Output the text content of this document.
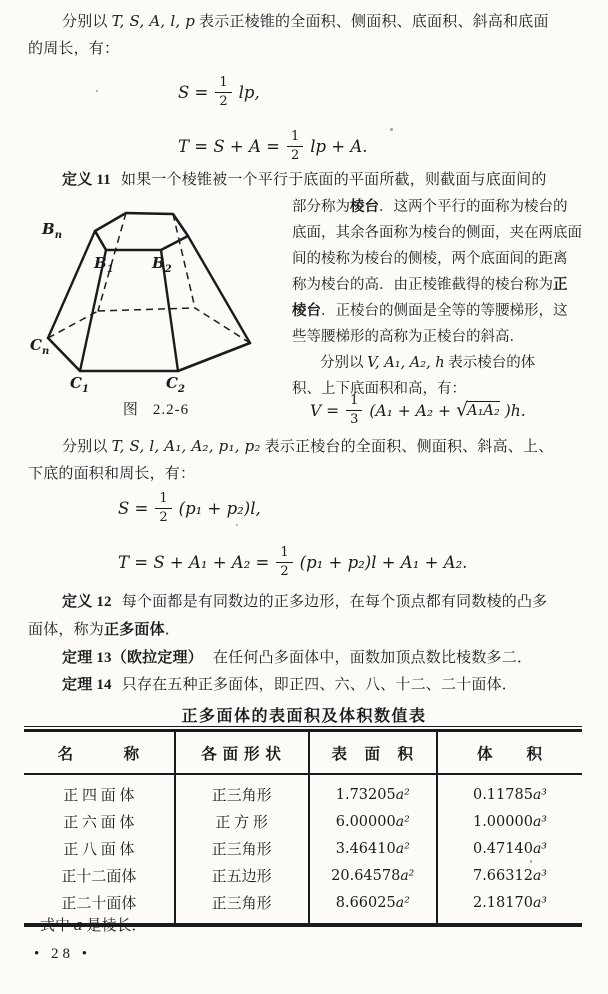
分别以 T, S, A, l, p 表示正棱锥的全面积、侧面积、底面积、斜高和底面
的周长，有：
$S = \frac{1}{2}$ lp,
$T = S + A = \frac{1}{2}$ lp + A.
定义 11 如果一个棱锥被一个平行于底面的平面所截，则截面与底面间的
$B_n$
$B_1$	$B_2$
$C_n$
$C_1$	$C_2$
图 2.2-6
部分称为棱台．这两个平行的面称为棱台的
底面，其余各面称为棱台的侧面，夹在两底面
间的棱称为棱台的侧棱，两个底面间的距离
称为棱台的高．由正棱锥截得的棱台称为正
棱台．正棱台的侧面是全等的等腰梯形，这
些等腰梯形的高称为正棱台的斜高．
分别以 V, A₁, A₂, h 表示棱台的体
积、上下底面积和高，有：
$V = \frac{1}{3} (A_1 + A_2$ + √ A₁A₂ )h.
分别以 T, S, l, A₁, A₂, p₁, p₂ 表示正棱台的全面积、侧面积、斜高、上、
下底的面积和周长，有：
$S = \frac{1}{2} (p_1 + p_2)l$,
$T = S + A_1 + A_2 = \frac{1}{2} (p_1 + p_2)l + A_1 + A_2$.
定义 12 每个面都是有同数边的正多边形，在每个顶点都有同数棱的凸多
面体，称为正多面体．
定理 13（欧拉定理） 在任何凸多面体中，面数加顶点数比棱数多二．
定理 14 只存在五种正多面体，即正四、六、八、十二、二十面体．
正多面体的表面积及体积数值表
名　　　称	各 面 形 状	表　面　积	体　　积
正 四 面 体	正三角形	1.73205a²	0.11785a³
正 六 面 体	正 方 形	6.00000a²	1.00000a³
正 八 面 体	正三角形	3.46410a²	0.47140a³
正十二面体	正五边形	20.64578a²	7.66312a³
正二十面体	正三角形	8.66025a²	2.18170a³
式中 a 是棱长．
• 28 •
